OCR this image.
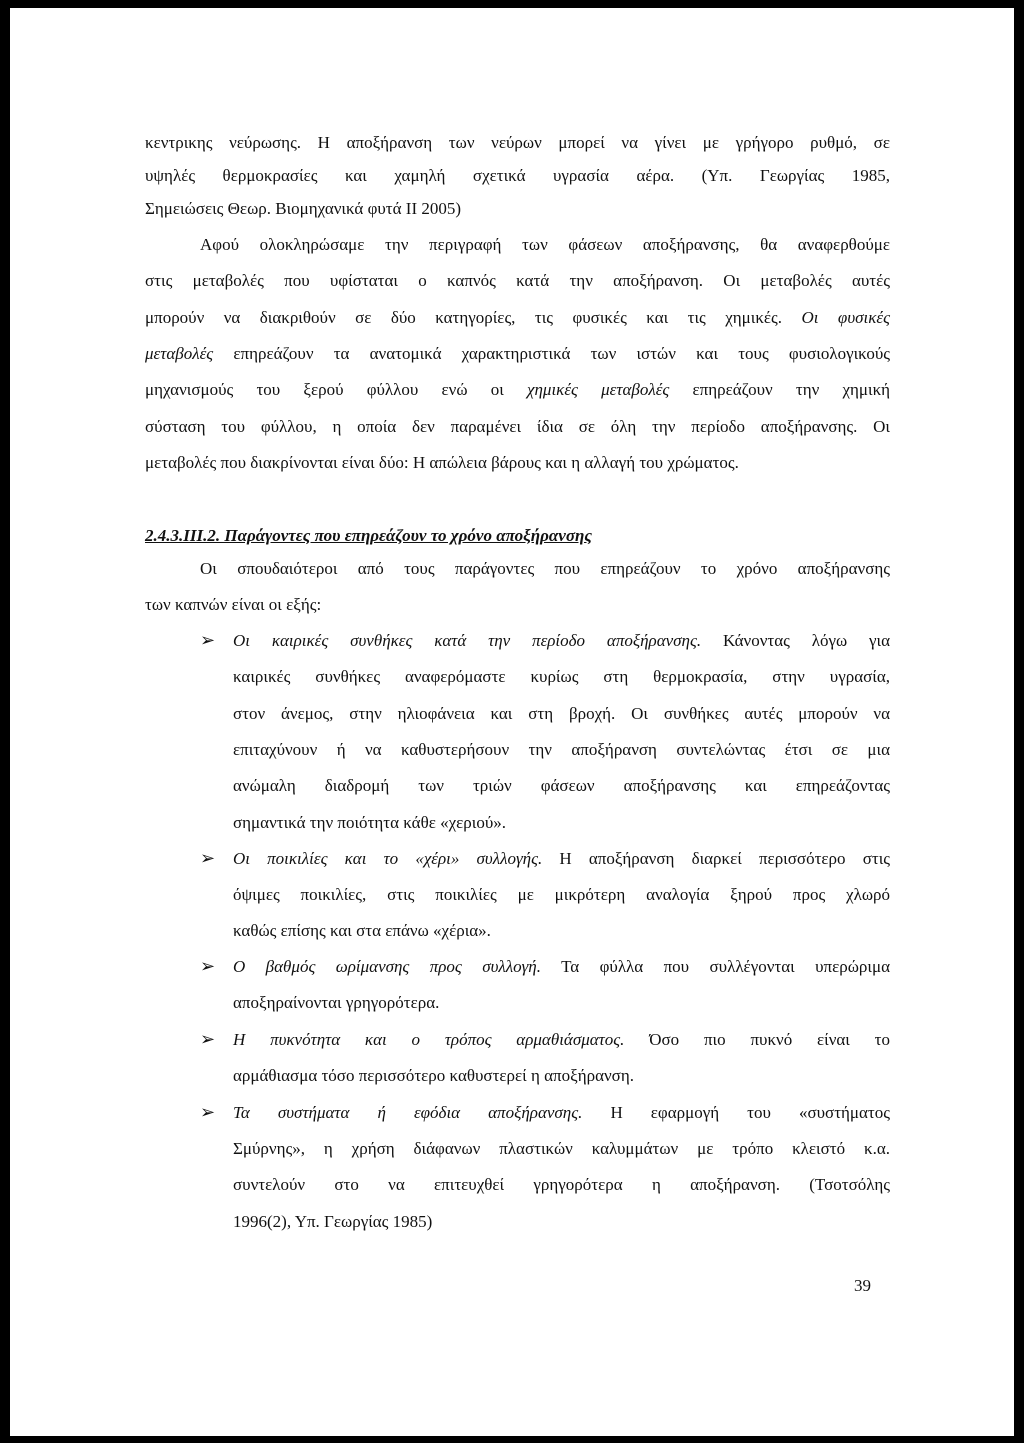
κεντρικης νεύρωσης. Η αποξήρανση των νεύρων μπορεί να γίνει με γρήγορο ρυθμό, σε
υψηλές θερμοκρασίες και χαμηλή σχετικά υγρασία αέρα. (Υπ. Γεωργίας 1985,
Σημειώσεις Θεωρ. Βιομηχανικά φυτά ΙΙ 2005)
Αφού ολοκληρώσαμε την περιγραφή των φάσεων αποξήρανσης, θα αναφερθούμε
στις μεταβολές που υφίσταται ο καπνός κατά την αποξήρανση. Οι μεταβολές αυτές
μπορούν να διακριθούν σε δύο κατηγορίες, τις φυσικές και τις χημικές. Οι φυσικές
μεταβολές επηρεάζουν τα ανατομικά χαρακτηριστικά των ιστών και τους φυσιολογικούς
μηχανισμούς του ξερού φύλλου ενώ οι χημικές μεταβολές επηρεάζουν την χημική
σύσταση του φύλλου, η οποία δεν παραμένει ίδια σε όλη την περίοδο αποξήρανσης. Οι
μεταβολές που διακρίνονται είναι δύο: Η απώλεια βάρους και η αλλαγή του χρώματος.
2.4.3.ΙΙΙ.2. Παράγοντες που επηρεάζουν το χρόνο αποξήρανσης
Οι σπουδαιότεροι από τους παράγοντες που επηρεάζουν το χρόνο αποξήρανσης
των καπνών είναι οι εξής:
➢ Οι καιρικές συνθήκες κατά την περίοδο αποξήρανσης. Κάνοντας λόγω για
καιρικές συνθήκες αναφερόμαστε κυρίως στη θερμοκρασία, στην υγρασία,
στον άνεμος, στην ηλιοφάνεια και στη βροχή. Οι συνθήκες αυτές μπορούν να
επιταχύνουν ή να καθυστερήσουν την αποξήρανση συντελώντας έτσι σε μια
ανώμαλη διαδρομή των τριών φάσεων αποξήρανσης και επηρεάζοντας
σημαντικά την ποιότητα κάθε «χεριού».
➢ Οι ποικιλίες και το «χέρι» συλλογής. Η αποξήρανση διαρκεί περισσότερο στις
όψιμες ποικιλίες, στις ποικιλίες με μικρότερη αναλογία ξηρού προς χλωρό
καθώς επίσης και στα επάνω «χέρια».
➢ Ο βαθμός ωρίμανσης προς συλλογή. Τα φύλλα που συλλέγονται υπερώριμα
αποξηραίνονται γρηγορότερα.
➢ Η πυκνότητα και ο τρόπος αρμαθιάσματος. Όσο πιο πυκνό είναι το
αρμάθιασμα τόσο περισσότερο καθυστερεί η αποξήρανση.
➢ Τα συστήματα ή εφόδια αποξήρανσης. Η εφαρμογή του «συστήματος
Σμύρνης», η χρήση διάφανων πλαστικών καλυμμάτων με τρόπο κλειστό κ.α.
συντελούν στο να επιτευχθεί γρηγορότερα η αποξήρανση. (Τσοτσόλης
1996(2), Υπ. Γεωργίας 1985)
39
